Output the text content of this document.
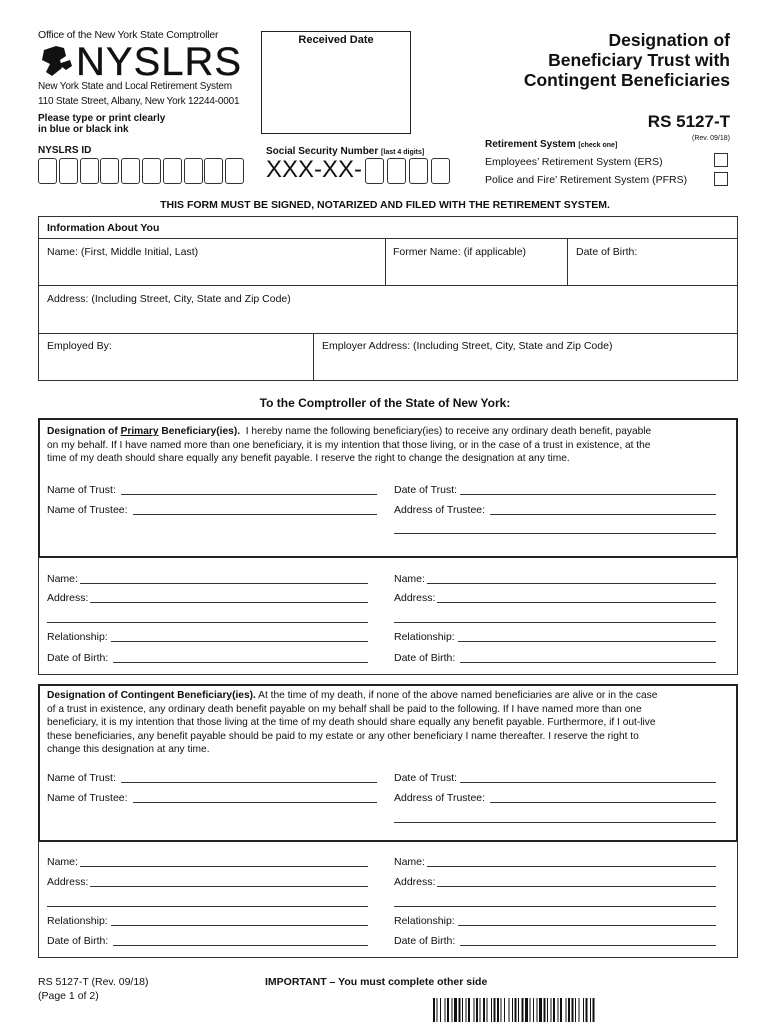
Office of the New York State Comptroller
NYSLRS
New York State and Local Retirement System
110 State Street, Albany, New York 12244-0001
Please type or print clearly
in blue or black ink
Received Date	Designation of
Beneficiary Trust with
Contingent Beneficiaries
RS 5127-T
(Rev. 09/18)
NYSLRS ID	Social Security Number [last 4 digits]
XXX-XX-
Retirement System [check one]
Employees’ Retirement System (ERS)
Police and Fire’ Retirement System (PFRS)
THIS FORM MUST BE SIGNED, NOTARIZED AND FILED WITH THE RETIREMENT SYSTEM.
Information About You
Name: (First, Middle Initial, Last)	Former Name: (if applicable)	Date of Birth:
Address: (Including Street, City, State and Zip Code)
Employed By:	Employer Address: (Including Street, City, State and Zip Code)
To the Comptroller of the State of New York:
Designation of Primary Beneficiary(ies). I hereby name the following beneficiary(ies) to receive any ordinary death benefit, payable
on my behalf. If I have named more than one beneficiary, it is my intention that those living, or in the case of a trust in existence, at the
time of my death should share equally any benefit payable. I reserve the right to change the designation at any time.
Name of Trust:	Date of Trust:
Name of Trustee:	Address of Trustee:
Name:	Name:
Address:	Address:
Relationship:	Relationship:
Date of Birth:	Date of Birth:
Designation of Contingent Beneficiary(ies). At the time of my death, if none of the above named beneficiaries are alive or in the case
of a trust in existence, any ordinary death benefit payable on my behalf shall be paid to the following. If I have named more than one
beneficiary, it is my intention that those living at the time of my death should share equally any benefit payable. Furthermore, if I out-live
these beneficiaries, any benefit payable should be paid to my estate or any other beneficiary I name thereafter. I reserve the right to
change this designation at any time.
Name of Trust:	Date of Trust:
Name of Trustee:	Address of Trustee:
Name:	Name:
Address:	Address:
Relationship:	Relationship:
Date of Birth:	Date of Birth:
RS 5127-T (Rev. 09/18)
(Page 1 of 2)
IMPORTANT – You must complete other side
